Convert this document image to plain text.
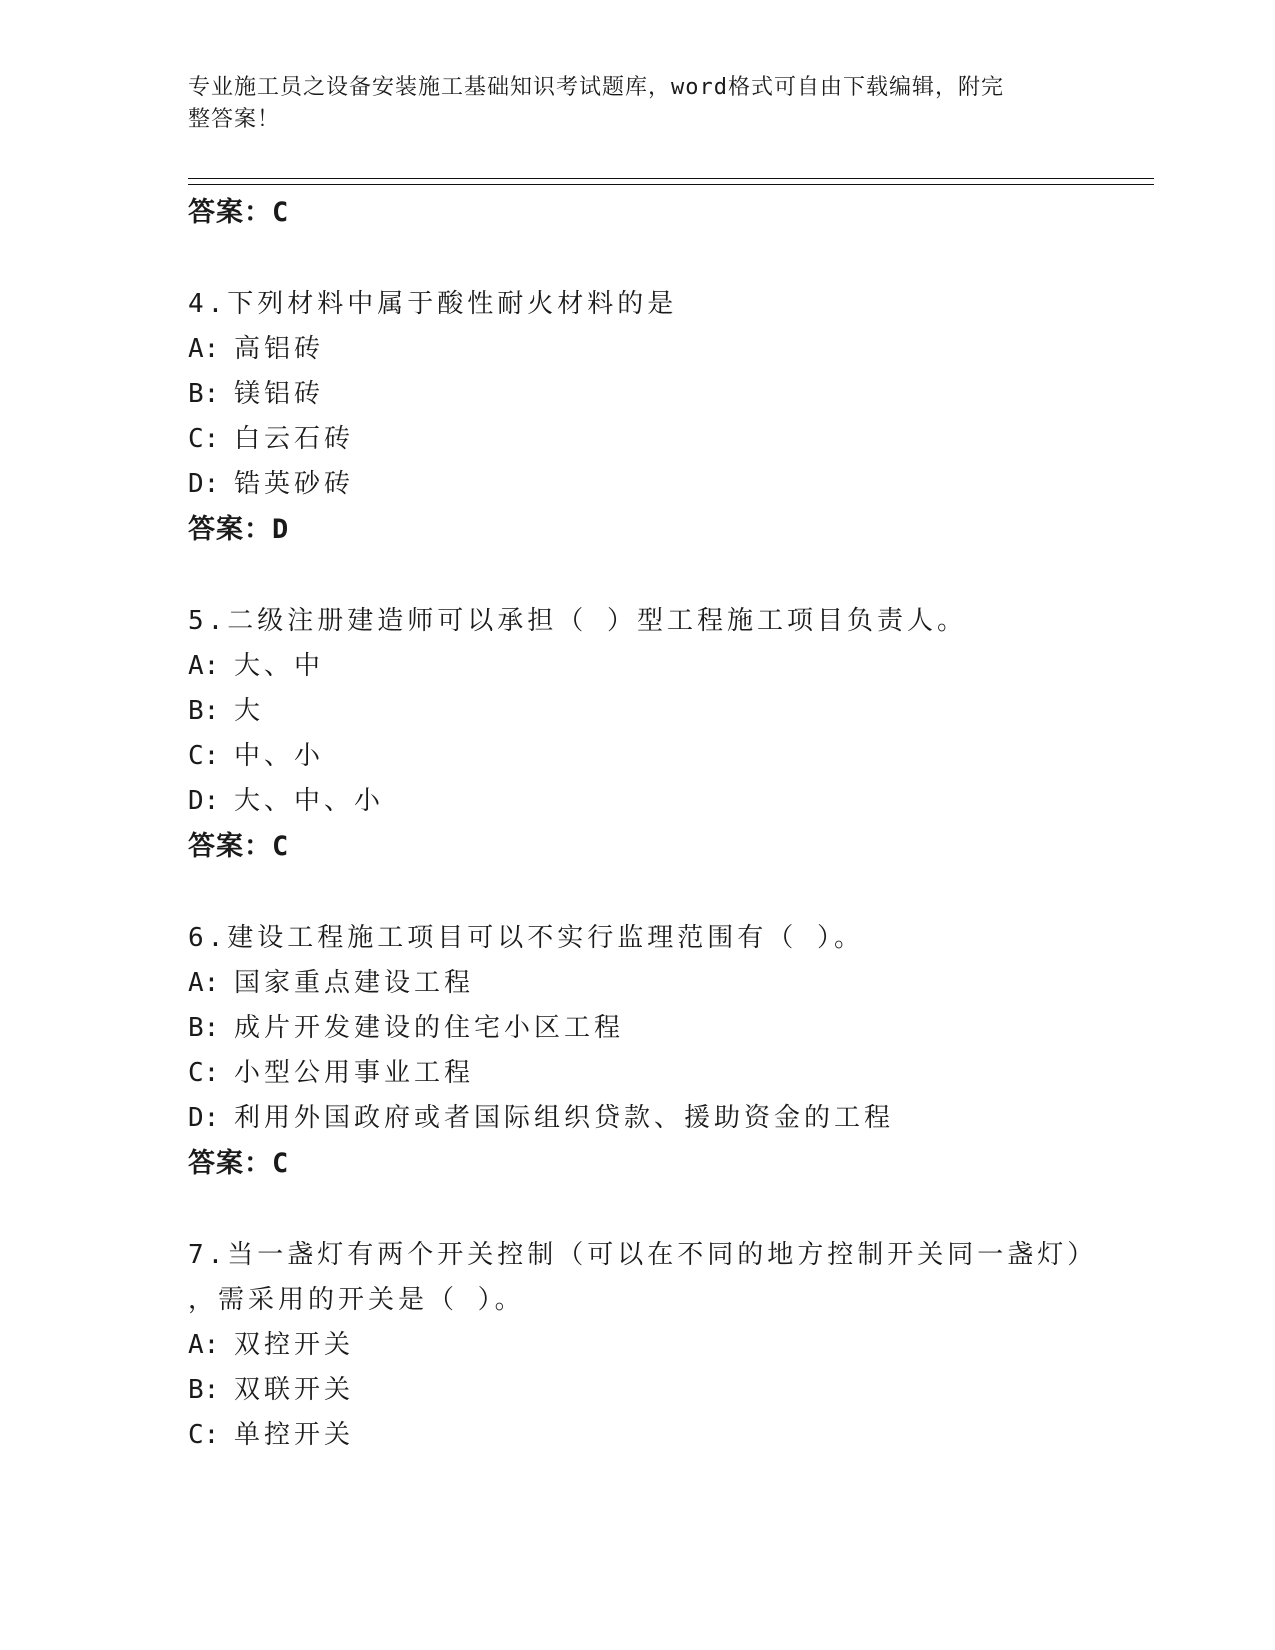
专业施工员之设备安装施工基础知识考试题库，word格式可自由下载编辑，附完
整答案！
答案：C
4.下列材料中属于酸性耐火材料的是
A: 高铝砖
B: 镁铝砖
C: 白云石砖
D: 锆英砂砖
答案：D
5.二级注册建造师可以承担（ ）型工程施工项目负责人。
A: 大、中
B: 大
C: 中、小
D: 大、中、小
答案：C
6.建设工程施工项目可以不实行监理范围有（ ）。
A: 国家重点建设工程
B: 成片开发建设的住宅小区工程
C: 小型公用事业工程
D: 利用外国政府或者国际组织贷款、援助资金的工程
答案：C
7.当一盏灯有两个开关控制（可以在不同的地方控制开关同一盏灯）
，需采用的开关是（ ）。
A: 双控开关
B: 双联开关
C: 单控开关
